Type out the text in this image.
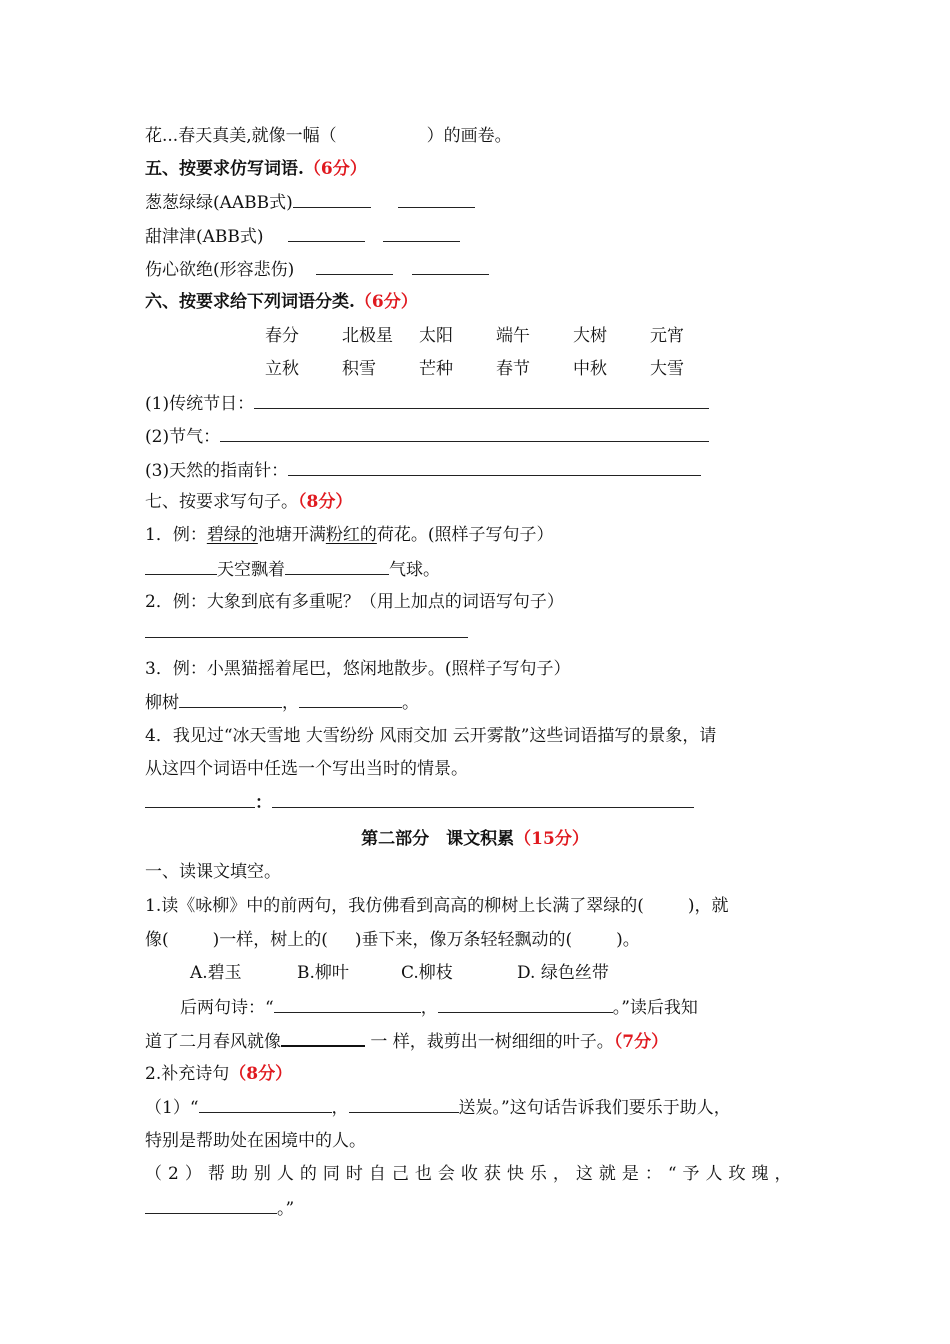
花...春天真美,就像一幅（	）的画卷。
五、按要求仿写词语.（6分）
葱葱绿绿(AABB式)
甜津津(ABB式)
伤心欲绝(形容悲伤)
六、按要求给下列词语分类.（6分）
春分	北极星 太阳	端午	大树	元宵
立秋	积雪	芒种	春节	中秋	大雪
(1)传统节日：
(2)节气：
(3)天然的指南针：
七、按要求写句子。（8分）
1．例：碧绿的池塘开满粉红的荷花。(照样子写句子）
天空飘着	气球。
2．例：大象到底有多重呢？（用上加点的词语写句子）
3．例：小黑猫摇着尾巴，悠闲地散步。(照样子写句子）
柳树	，	。
4．我见过“冰天雪地 大雪纷纷 风雨交加 云开雾散”这些词语描写的景象，请
从这四个词语中任选一个写出当时的情景。
：
第二部分　课文积累（15分）
一、读课文填空。
1.读《咏柳》中的前两句，我仿佛看到高高的柳树上长满了翠绿的(	)，就
像(	)一样，树上的( )垂下来，像万条轻轻飘动的(	)。
A.碧玉	B.柳叶	C.柳枝	D. 绿色丝带
后两句诗：“	，	。”读后我知
道了二月春风就像	一 样，裁剪出一树细细的叶子。（7分）
2.补充诗句（8分）
（1）“	，	送炭。”这句话告诉我们要乐于助人，
特别是帮助处在困境中的人。
（2）帮助别人的同时自己也会收获快乐，这就是：“予人玫瑰，
。”
